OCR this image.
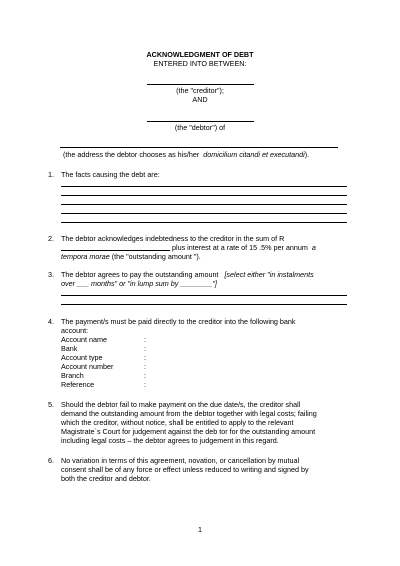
ACKNOWLEDGMENT OF DEBT
ENTERED INTO BETWEEN:
(the "creditor");
AND
(the "debtor") of
(the address the debtor chooses as his/her domicilium citandi et executandi).
1. The facts causing the debt are:
2. The debtor acknowledges indebtedness to the creditor in the sum of R
plus interest at a rate of 15 .5% per annum a
tempora morae (the "outstanding amount ").
3. The debtor agrees to pay the outstanding amount [select either "in instalments
over ___ months" or "in lump sum by ________"]
4. The payment/s must be paid directly to the creditor into the following bank
account:
Account name	:
Bank	:
Account type	:
Account number	:
Branch	:
Reference	:
5. Should the debtor fail to make payment on the due date/s, the creditor shall
demand the outstanding amount from the debtor together with legal costs; failing
which the creditor, without notice, shall be entitled to apply to the relevant
Magistrate`s Court for judgement against the deb tor for the outstanding amount
including legal costs – the debtor agrees to judgement in this regard.
6. No variation in terms of this agreement, novation, or cancellation by mutual
consent shall be of any force or effect unless reduced to writing and signed by
both the creditor and debtor.
1
